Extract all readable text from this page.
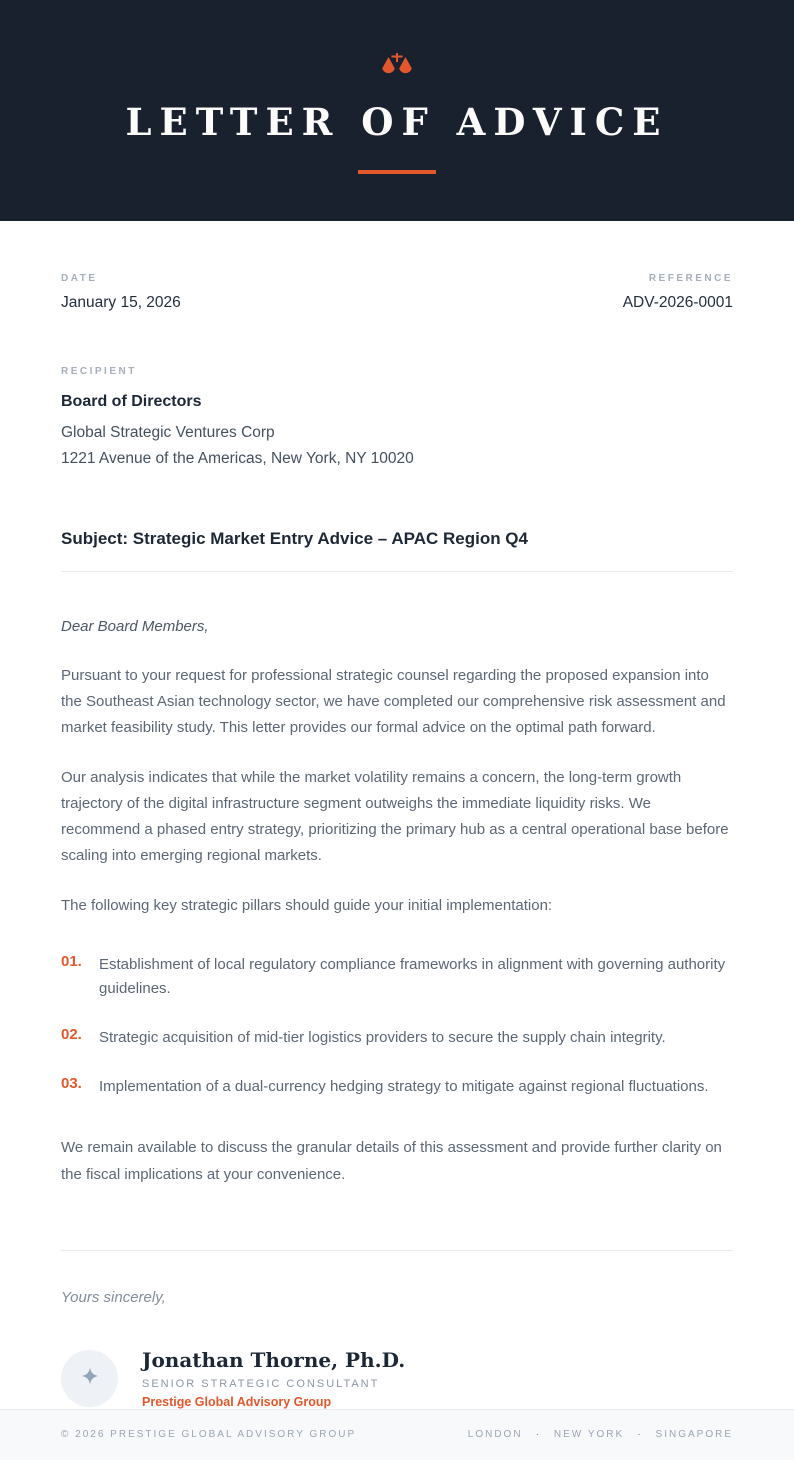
LETTER OF ADVICE
DATE
January 15, 2026
REFERENCE
ADV-2026-0001
RECIPIENT
Board of Directors
Global Strategic Ventures Corp
1221 Avenue of the Americas, New York, NY 10020
Subject: Strategic Market Entry Advice – APAC Region Q4

Dear Board Members,

Pursuant to your request for professional strategic counsel regarding the proposed expansion into the Southeast Asian technology sector, we have completed our comprehensive risk assessment and market feasibility study. This letter provides our formal advice on the optimal path forward.

Our analysis indicates that while the market volatility remains a concern, the long-term growth trajectory of the digital infrastructure segment outweighs the immediate liquidity risks. We recommend a phased entry strategy, prioritizing the primary hub as a central operational base before scaling into emerging regional markets.

The following key strategic pillars should guide your initial implementation:

01.	Establishment of local regulatory compliance frameworks in alignment with governing authority guidelines.
02.	Strategic acquisition of mid-tier logistics providers to secure the supply chain integrity.
03.	Implementation of a dual-currency hedging strategy to mitigate against regional fluctuations.

We remain available to discuss the granular details of this assessment and provide further clarity on the fiscal implications at your convenience.

Yours sincerely,

Jonathan Thorne, Ph.D.
SENIOR STRATEGIC CONSULTANT
Prestige Global Advisory Group
© 2026 PRESTIGE GLOBAL ADVISORY GROUP	LONDON · NEW YORK · SINGAPORE
